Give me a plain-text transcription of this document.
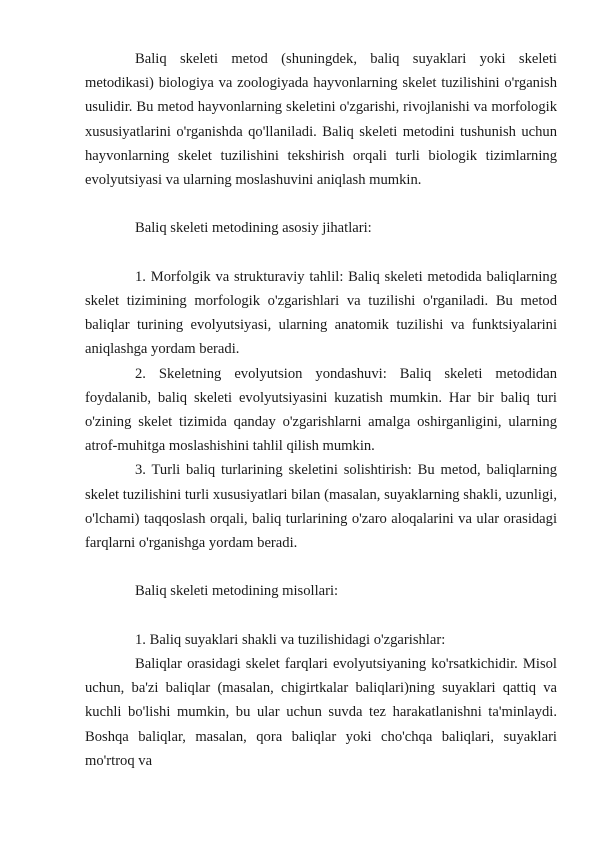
Baliq skeleti metod (shuningdek, baliq suyaklari yoki skeleti metodikasi) biologiya va zoologiyada hayvonlarning skelet tuzilishini o'rganish usulidir. Bu metod hayvonlarning skeletini o'zgarishi, rivojlanishi va morfologik xususiyatlarini o'rganishda qo'llaniladi. Baliq skeleti metodini tushunish uchun hayvonlarning skelet tuzilishini tekshirish orqali turli biologik tizimlarning evolyutsiyasi va ularning moslashuvini aniqlash mumkin.

Baliq skeleti metodining asosiy jihatlari:

1. Morfolgik va strukturaviy tahlil: Baliq skeleti metodida baliqlarning skelet tizimining morfologik o'zgarishlari va tuzilishi o'rganiladi. Bu metod baliqlar turining evolyutsiyasi, ularning anatomik tuzilishi va funktsiyalarini aniqlashga yordam beradi.

2. Skeletning evolyutsion yondashuvi: Baliq skeleti metodidan foydalanib, baliq skeleti evolyutsiyasini kuzatish mumkin. Har bir baliq turi o'zining skelet tizimida qanday o'zgarishlarni amalga oshirganligini, ularning atrof-muhitga moslashishini tahlil qilish mumkin.

3. Turli baliq turlarining skeletini solishtirish: Bu metod, baliqlarning skelet tuzilishini turli xususiyatlari bilan (masalan, suyaklarning shakli, uzunligi, o'lchami) taqqoslash orqali, baliq turlarining o'zaro aloqalarini va ular orasidagi farqlarni o'rganishga yordam beradi.

Baliq skeleti metodining misollari:

1. Baliq suyaklari shakli va tuzilishidagi o'zgarishlar:

Baliqlar orasidagi skelet farqlari evolyutsiyaning ko'rsatkichidir. Misol uchun, ba'zi baliqlar (masalan, chigirtkalar baliqlari)ning suyaklari qattiq va kuchli bo'lishi mumkin, bu ular uchun suvda tez harakatlanishni ta'minlaydi. Boshqa baliqlar, masalan, qora baliqlar yoki cho'chqa baliqlari, suyaklari mo'rtroq va
